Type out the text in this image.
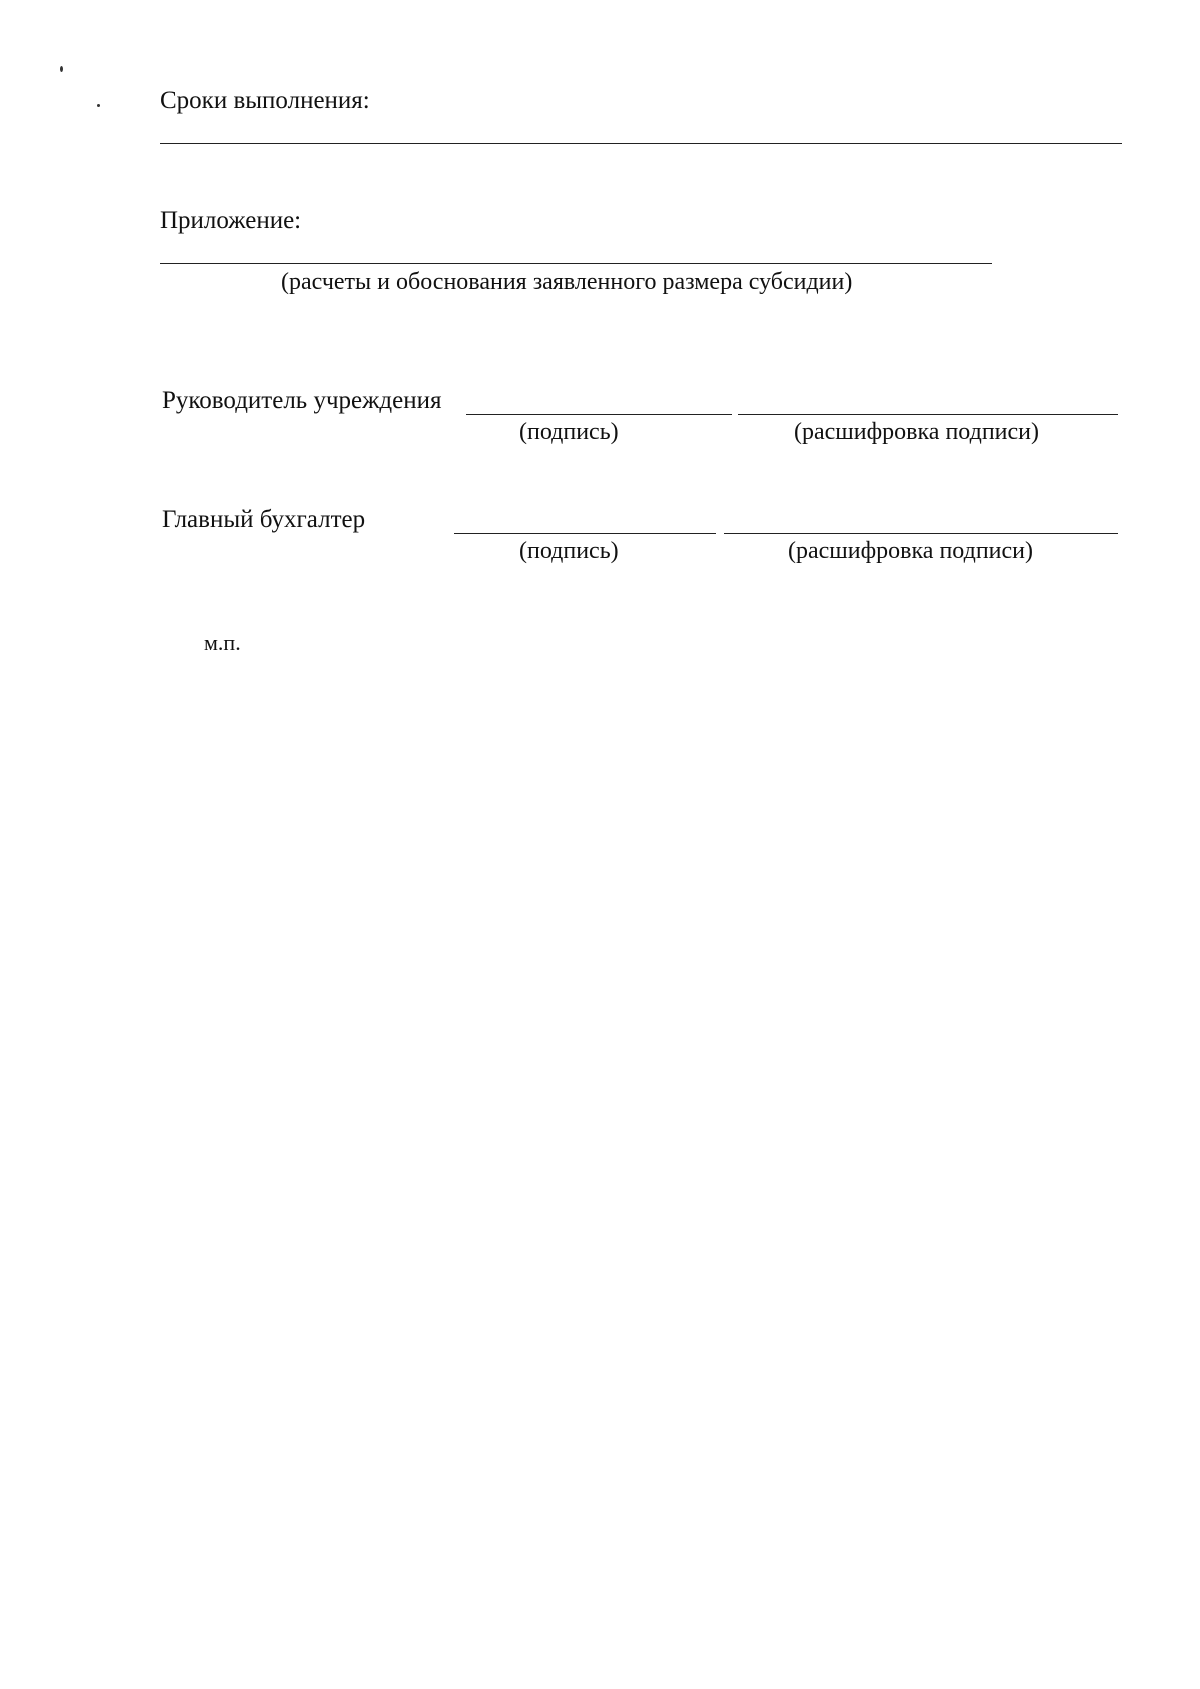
Сроки выполнения:
Приложение:
(расчеты и обоснования заявленного размера субсидии)
Руководитель учреждения
(подпись)	(расшифровка подписи)
Главный бухгалтер
(подпись)	(расшифровка подписи)
м.п.
